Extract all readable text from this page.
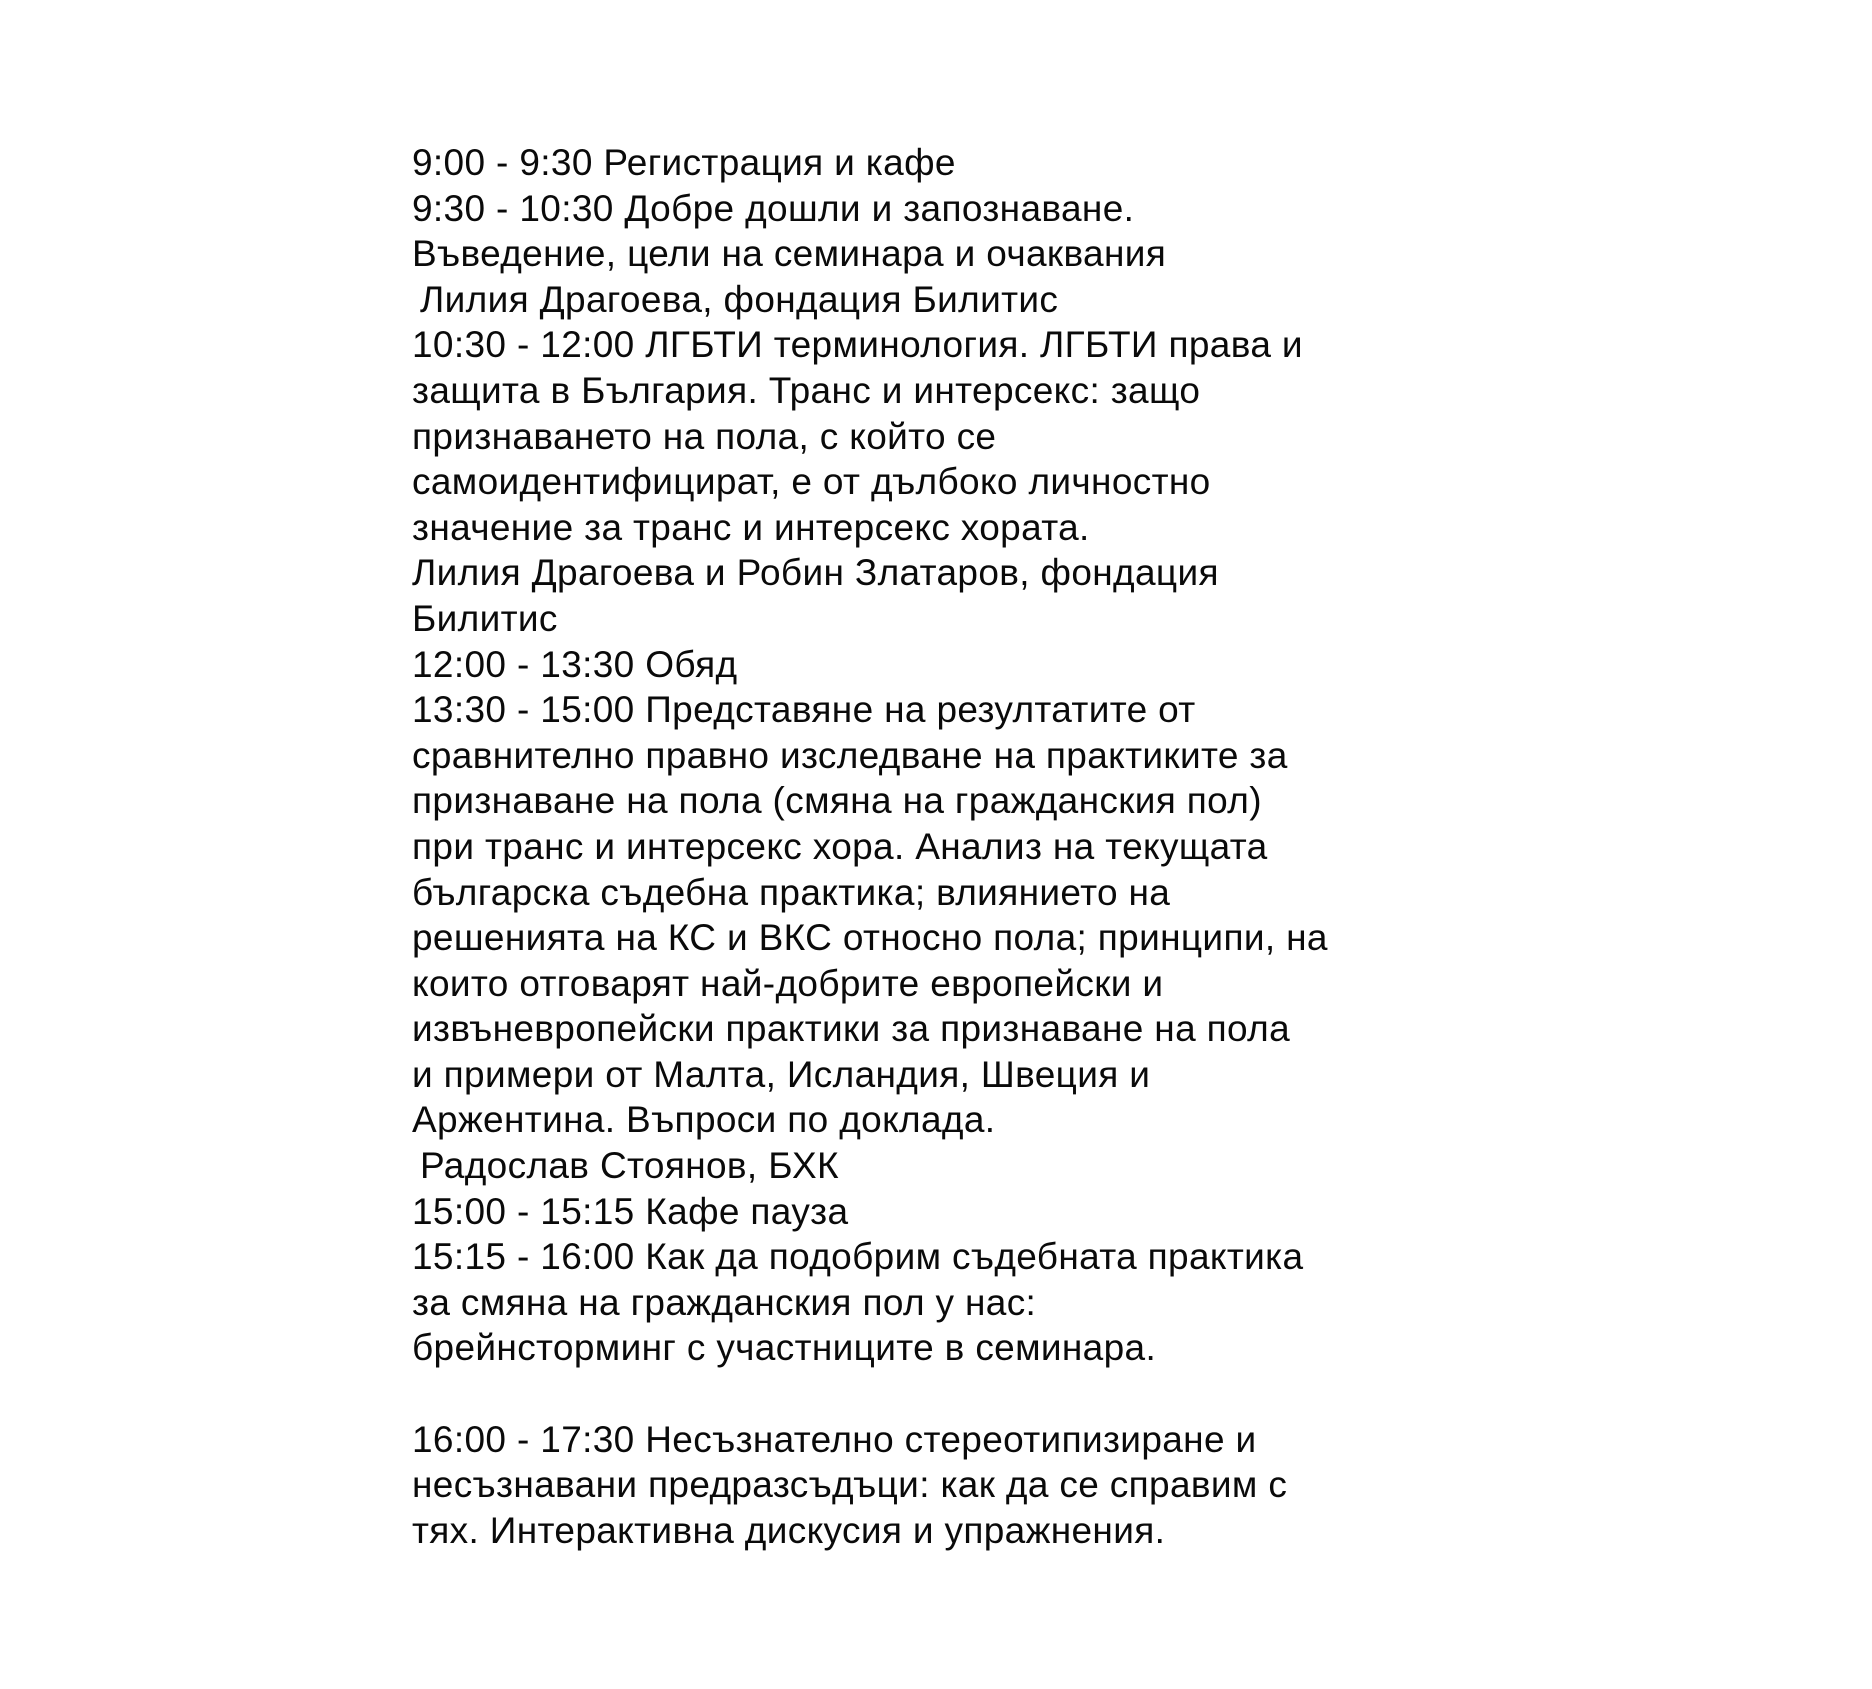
9:00 - 9:30 Регистрация и кафе
9:30 - 10:30 Добре дошли и запознаване.
Въведение, цели на семинара и очаквания
Лилия Драгоева, фондация Билитис
10:30 - 12:00 ЛГБТИ терминология. ЛГБТИ права и
защита в България. Транс и интерсекс: защо
признаването на пола, с който се
самоидентифицират, е от дълбоко личностно
значение за транс и интерсекс хората.
Лилия Драгоева и Робин Златаров, фондация
Билитис
12:00 - 13:30 Обяд
13:30 - 15:00 Представяне на резултатите от
сравнително правно изследване на практиките за
признаване на пола (смяна на гражданския пол)
при транс и интерсекс хора. Анализ на текущата
българска съдебна практика; влиянието на
решенията на КС и ВКС относно пола; принципи, на
които отговарят най-добрите европейски и
извъневропейски практики за признаване на пола
и примери от Малта, Исландия, Швеция и
Аржентина. Въпроси по доклада.
Радослав Стоянов, БХК
15:00 - 15:15 Кафе пауза
15:15 - 16:00 Как да подобрим съдебната практика
за смяна на гражданския пол у нас:
брейнсторминг с участниците в семинара.
16:00 - 17:30 Несъзнателно стереотипизиране и
несъзнавани предразсъдъци: как да се справим с
тях. Интерактивна дискусия и упражнения.
